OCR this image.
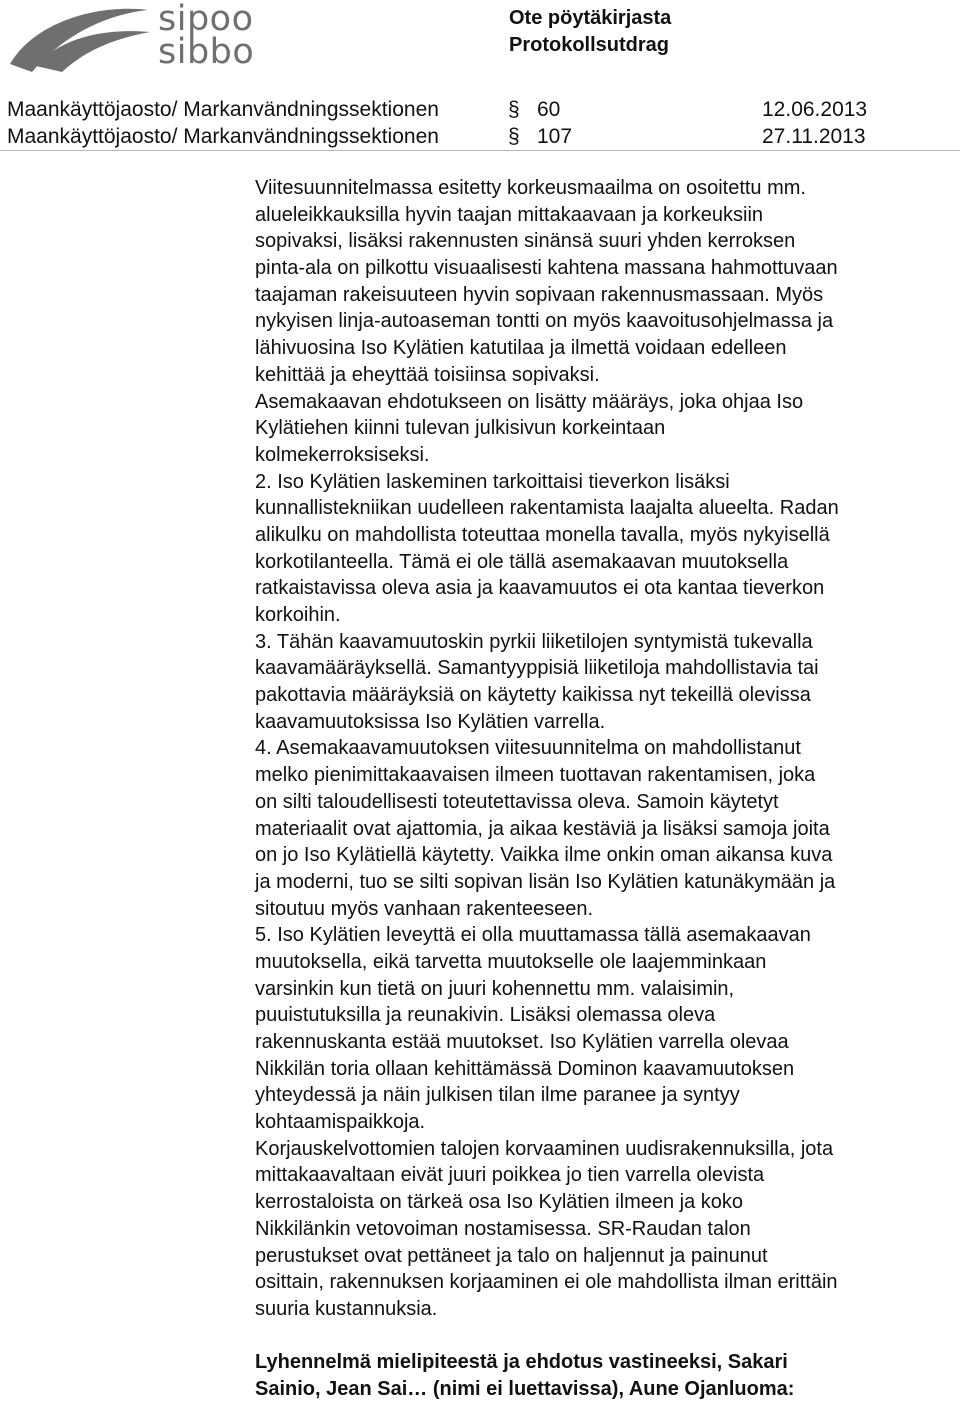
sipoo
sibbo
Ote pöytäkirjasta
Protokollsutdrag
Maankäyttöjaosto/ Markanvändningssektionen	§ 60	12.06.2013
Maankäyttöjaosto/ Markanvändningssektionen	§ 107	27.11.2013
Viitesuunnitelmassa esitetty korkeusmaailma on osoitettu mm.
alueleikkauksilla hyvin taajan mittakaavaan ja korkeuksiin
sopivaksi, lisäksi rakennusten sinänsä suuri yhden kerroksen
pinta-ala on pilkottu visuaalisesti kahtena massana hahmottuvaan
taajaman rakeisuuteen hyvin sopivaan rakennusmassaan. Myös
nykyisen linja-autoaseman tontti on myös kaavoitusohjelmassa ja
lähivuosina Iso Kylätien katutilaa ja ilmettä voidaan edelleen
kehittää ja eheyttää toisiinsa sopivaksi.
Asemakaavan ehdotukseen on lisätty määräys, joka ohjaa Iso
Kylätiehen kiinni tulevan julkisivun korkeintaan
kolmekerroksiseksi.
2. Iso Kylätien laskeminen tarkoittaisi tieverkon lisäksi
kunnallistekniikan uudelleen rakentamista laajalta alueelta. Radan
alikulku on mahdollista toteuttaa monella tavalla, myös nykyisellä
korkotilanteella. Tämä ei ole tällä asemakaavan muutoksella
ratkaistavissa oleva asia ja kaavamuutos ei ota kantaa tieverkon
korkoihin.
3. Tähän kaavamuutoskin pyrkii liiketilojen syntymistä tukevalla
kaavamääräyksellä. Samantyyppisiä liiketiloja mahdollistavia tai
pakottavia määräyksiä on käytetty kaikissa nyt tekeillä olevissa
kaavamuutoksissa Iso Kylätien varrella.
4. Asemakaavamuutoksen viitesuunnitelma on mahdollistanut
melko pienimittakaavaisen ilmeen tuottavan rakentamisen, joka
on silti taloudellisesti toteutettavissa oleva. Samoin käytetyt
materiaalit ovat ajattomia, ja aikaa kestäviä ja lisäksi samoja joita
on jo Iso Kylätiellä käytetty. Vaikka ilme onkin oman aikansa kuva
ja moderni, tuo se silti sopivan lisän Iso Kylätien katunäkymään ja
sitoutuu myös vanhaan rakenteeseen.
5. Iso Kylätien leveyttä ei olla muuttamassa tällä asemakaavan
muutoksella, eikä tarvetta muutokselle ole laajemminkaan
varsinkin kun tietä on juuri kohennettu mm. valaisimin,
puuistutuksilla ja reunakivin. Lisäksi olemassa oleva
rakennuskanta estää muutokset. Iso Kylätien varrella olevaa
Nikkilän toria ollaan kehittämässä Dominon kaavamuutoksen
yhteydessä ja näin julkisen tilan ilme paranee ja syntyy
kohtaamispaikkoja.
Korjauskelvottomien talojen korvaaminen uudisrakennuksilla, jota
mittakaavaltaan eivät juuri poikkea jo tien varrella olevista
kerrostaloista on tärkeä osa Iso Kylätien ilmeen ja koko
Nikkilänkin vetovoiman nostamisessa. SR-Raudan talon
perustukset ovat pettäneet ja talo on haljennut ja painunut
osittain, rakennuksen korjaaminen ei ole mahdollista ilman erittäin
suuria kustannuksia.
Lyhennelmä mielipiteestä ja ehdotus vastineeksi, Sakari
Sainio, Jean Sai… (nimi ei luettavissa), Aune Ojanluoma:
